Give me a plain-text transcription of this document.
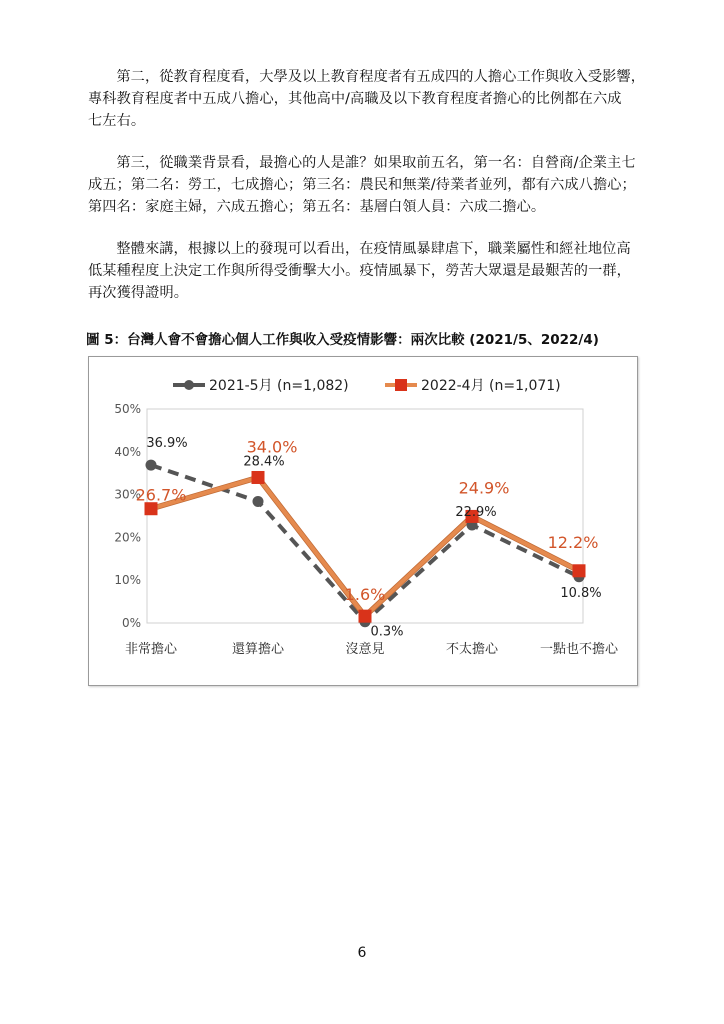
第二，從教育程度看，大學及以上教育程度者有五成四的人擔心工作與收入受影響，
專科教育程度者中五成八擔心，其他高中/高職及以下教育程度者擔心的比例都在六成
七左右。

第三，從職業背景看，最擔心的人是誰？如果取前五名，第一名：自營商/企業主七
成五；第二名：勞工，七成擔心；第三名：農民和無業/待業者並列，都有六成八擔心；
第四名：家庭主婦，六成五擔心；第五名：基層白領人員：六成二擔心。

整體來講，根據以上的發現可以看出，在疫情風暴肆虐下，職業屬性和經社地位高
低某種程度上決定工作與所得受衝擊大小。疫情風暴下，勞苦大眾還是最艱苦的一群，
再次獲得證明。

圖 5：台灣人會不會擔心個人工作與收入受疫情影響：兩次比較 (2021/5、2022/4)
0%
10%
20%
30%
40%
50%
非常擔心	還算擔心	沒意見	不太擔心	一點也不擔心
36.9%
28.4%
0.3%
22.9%
10.8%
26.7%
34.0%
1.6%
24.9%
12.2%
2021-5月 (n=1,082)	2022-4月 (n=1,071)
6
